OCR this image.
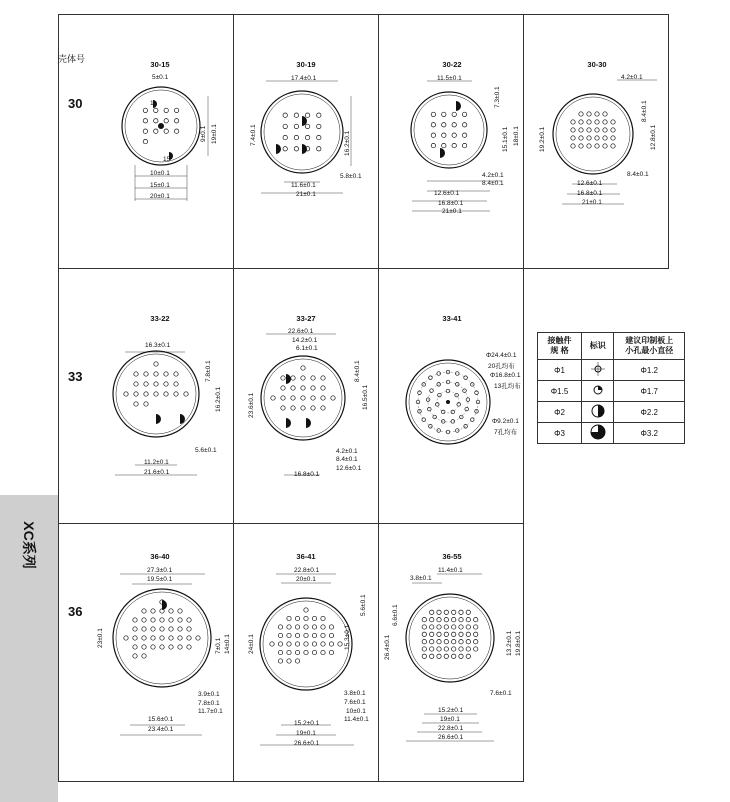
壳体号
30
33
36
XC系列
30-15
5±0.1
1
9±0.1 19±0.1
15
10±0.1
15±0.1
20±0.1
30-19
17.4±0.1
7.4±0.1	16.2±0.1
5.8±0.1
11.6±0.1
21±0.1
30-22
11.5±0.1
7.3±0.1
15.1±0.1 18±0.1
4.2±0.1
8.4±0.1
12.6±0.1
16.8±0.1
21±0.1
30-30
4.2±0.1
8.4±0.1
12.8±0.1
19.2±0.1
8.4±0.1
12.6±0.1
16.8±0.1
21±0.1
33-22
16.3±0.1
7.8±0.1
16.2±0.1
5.6±0.1
11.2±0.1
21.6±0.1
33-27
22.6±0.1
14.2±0.1
6.1±0.1
23.6±0.1
8.4±0.1
16.5±0.1
4.2±0.1
8.4±0.1
12.6±0.1
16.8±0.1
33-41
Φ24.4±0.1
20孔均布
Φ16.8±0.1
13孔均布
Φ9.2±0.1
7孔均布
接触件
规 格	标识	建议印制板上
小孔最小直径
Φ1		Φ1.2
Φ1.5		Φ1.7
Φ2		Φ2.2
Φ3		Φ3.2
36-40
27.3±0.1
19.5±0.1
23±0.1	7±0.1 14±0.1
3.9±0.1
7.8±0.1
11.7±0.1
15.6±0.1
23.4±0.1
36-41
22.8±0.1
20±0.1
24±0.1
5.6±0.1
15.3±0.1
3.8±0.1
7.6±0.1
10±0.1
11.4±0.1
15.2±0.1
19±0.1
26.6±0.1
36-55
11.4±0.1
3.8±0.1
6.6±0.1
26.4±0.1	13.2±0.1 19.8±0.1
7.6±0.1
15.2±0.1
19±0.1
22.8±0.1
26.6±0.1
